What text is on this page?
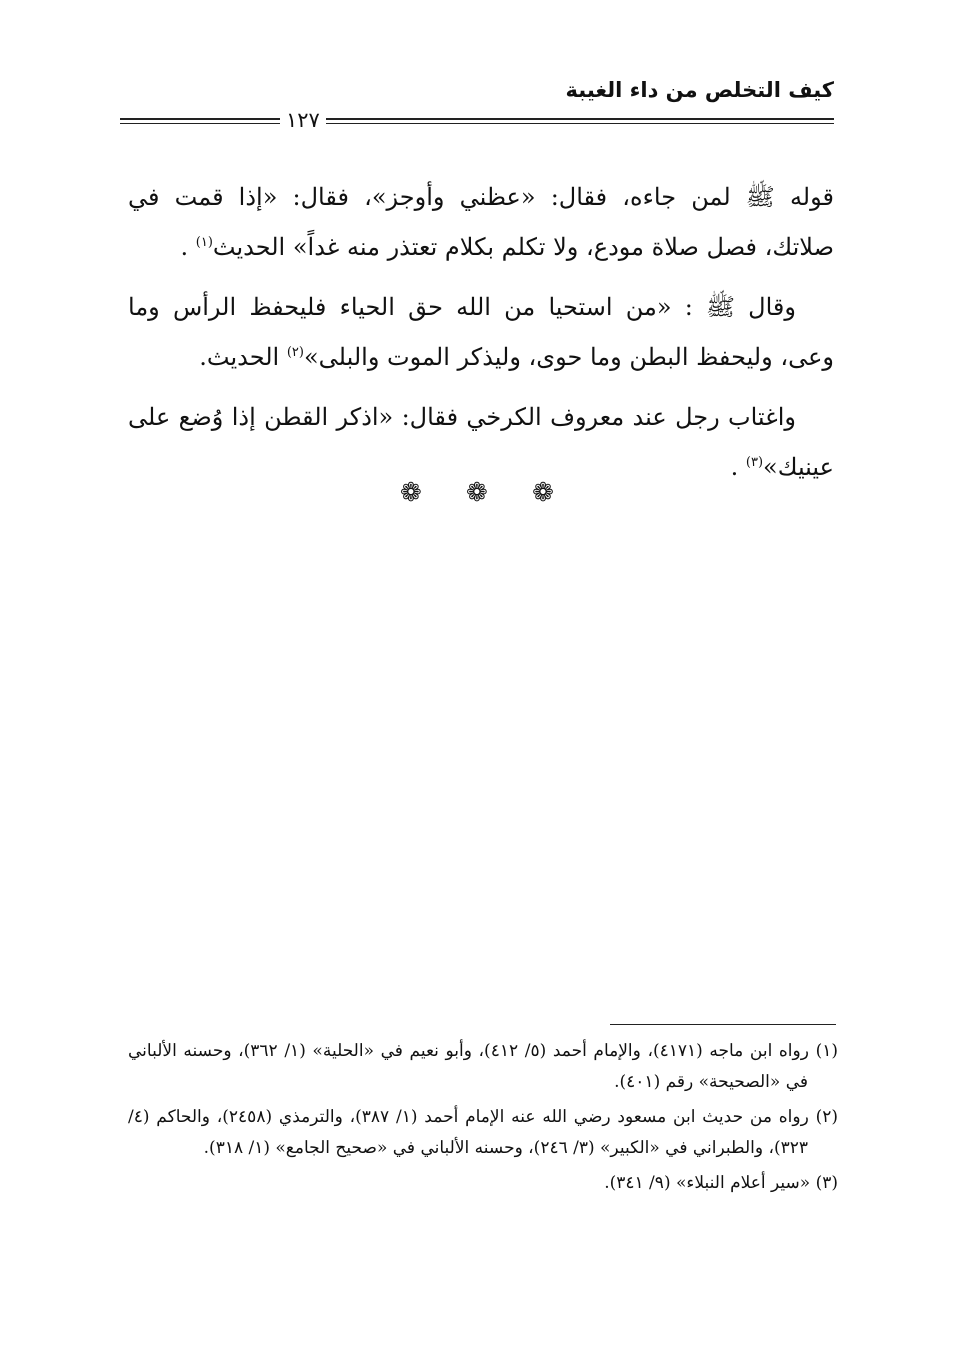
كيف التخلص من داء الغيبة
١٢٧

قوله ﷺ لمن جاءه، فقال: «عظني وأوجز»، فقال: «إذا قمت في صلاتك، فصل صلاة مودع، ولا تكلم بكلام تعتذر منه غداً» الحديث$^{(١)}$ .

وقال ﷺ : «من استحيا من الله حق الحياء فليحفظ الرأس وما وعى، وليحفظ البطن وما حوى، وليذكر الموت والبلى»$^{(٢)}$ الحديث.

واغتاب رجل عند معروف الكرخي فقال: «اذكر القطن إذا وُضع على عينيك»$^{(٣)}$ .

❁ ❁ ❁

(١) رواه ابن ماجه (٤١٧١)، والإمام أحمد (٥/ ٤١٢)، وأبو نعيم في «الحلية» (١/ ٣٦٢)، وحسنه الألباني في «الصحيحة» رقم (٤٠١).

(٢) رواه من حديث ابن مسعود رضي الله عنه الإمام أحمد (١/ ٣٨٧)، والترمذي (٢٤٥٨)، والحاكم (٤/ ٣٢٣)، والطبراني في «الكبير» (٣/ ٢٤٦)، وحسنه الألباني في «صحيح الجامع» (١/ ٣١٨).

(٣) «سير أعلام النبلاء» (٩/ ٣٤١).
